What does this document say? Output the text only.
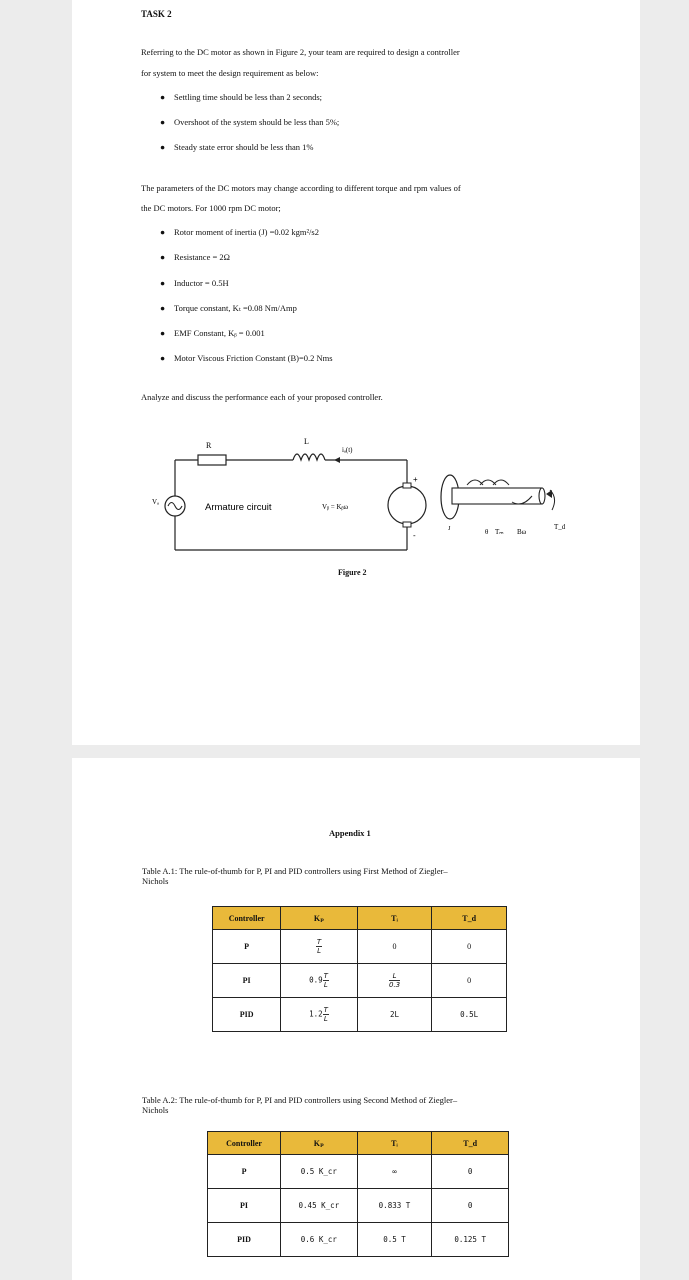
TASK 2
Referring to the DC motor as shown in Figure 2, your team are required to design a controller
for system to meet the design requirement as below:
● Settling time should be less than 2 seconds;
● Overshoot of the system should be less than 5%;
● Steady state error should be less than 1%
The parameters of the DC motors may change according to different torque and rpm values of
the DC motors. For 1000 rpm DC motor;
● Rotor moment of inertia (J) =0.02 kgm²/s2
● Resistance = 2Ω
● Inductor = 0.5H
● Torque constant, Kₜ =0.08 Nm/Amp
● EMF Constant, Kᵦ = 0.001
● Motor Viscous Friction Constant (B)=0.2 Nms
Analyze and discuss the performance each of your proposed controller.
R	L
iₐ(t)
Vₐ	Armature circuit	Vᵦ = Kᵦω
+
-
J	θ Tₘ Bω
T_d
Figure 2
Appendix 1
Table A.1: The rule-of-thumb for P, PI and PID controllers using First Method of Ziegler–
Nichols
Controller	Kₚ	Tᵢ	T_d
P	$\frac{T}{L}$	0	0
PI	$0.9 \frac{T}{L}$	$\frac{L}{0.3}$	0
PID	$1.2 \frac{T}{L}$	2L	0.5L
Table A.2: The rule-of-thumb for P, PI and PID controllers using Second Method of Ziegler–
Nichols
Controller	Kₚ	Tᵢ	T_d
P	0.5 K_cr	∞	0
PI	0.45 K_cr	0.833 T	0
PID	0.6 K_cr	0.5 T	0.125 T
